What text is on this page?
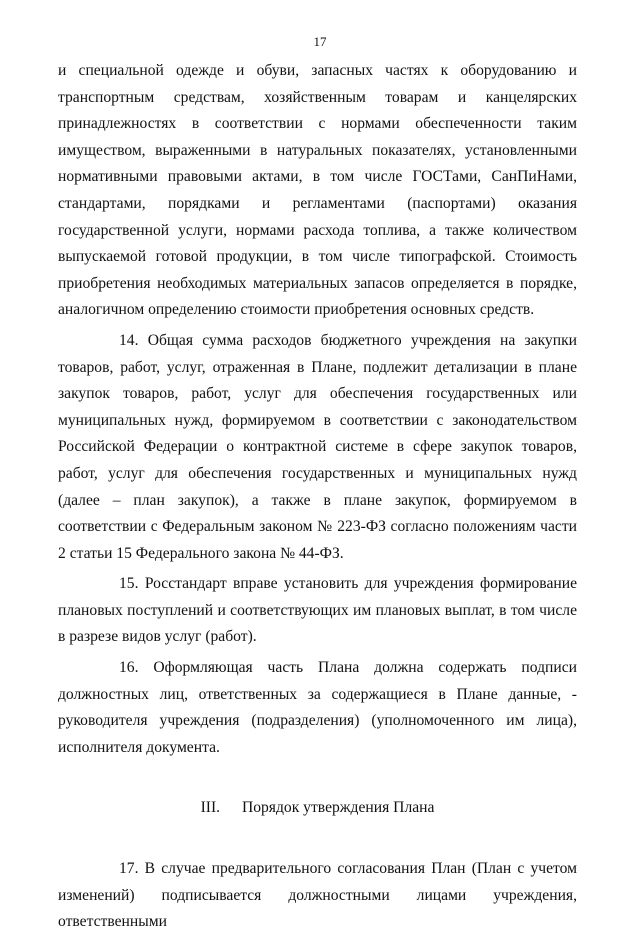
17

и специальной одежде и обуви, запасных частях к оборудованию и транспортным средствам, хозяйственным товарам и канцелярских принадлежностях в соответствии с нормами обеспеченности таким имуществом, выраженными в натуральных показателях, установленными нормативными правовыми актами, в том числе ГОСТами, СанПиНами, стандартами, порядками и регламентами (паспортами) оказания государственной услуги, нормами расхода топлива, а также количеством выпускаемой готовой продукции, в том числе типографской. Стоимость приобретения необходимых материальных запасов определяется в порядке, аналогичном определению стоимости приобретения основных средств.

14. Общая сумма расходов бюджетного учреждения на закупки товаров, работ, услуг, отраженная в Плане, подлежит детализации в плане закупок товаров, работ, услуг для обеспечения государственных или муниципальных нужд, формируемом в соответствии с законодательством Российской Федерации о контрактной системе в сфере закупок товаров, работ, услуг для обеспечения государственных и муниципальных нужд (далее – план закупок), а также в плане закупок, формируемом в соответствии с Федеральным законом № 223-ФЗ согласно положениям части 2 статьи 15 Федерального закона № 44-ФЗ.

15. Росстандарт вправе установить для учреждения формирование плановых поступлений и соответствующих им плановых выплат, в том числе в разрезе видов услуг (работ).

16. Оформляющая часть Плана должна содержать подписи должностных лиц, ответственных за содержащиеся в Плане данные, - руководителя учреждения (подразделения) (уполномоченного им лица), исполнителя документа.

III. Порядок утверждения Плана

17. В случае предварительного согласования План (План с учетом изменений) подписывается должностными лицами учреждения, ответственными
